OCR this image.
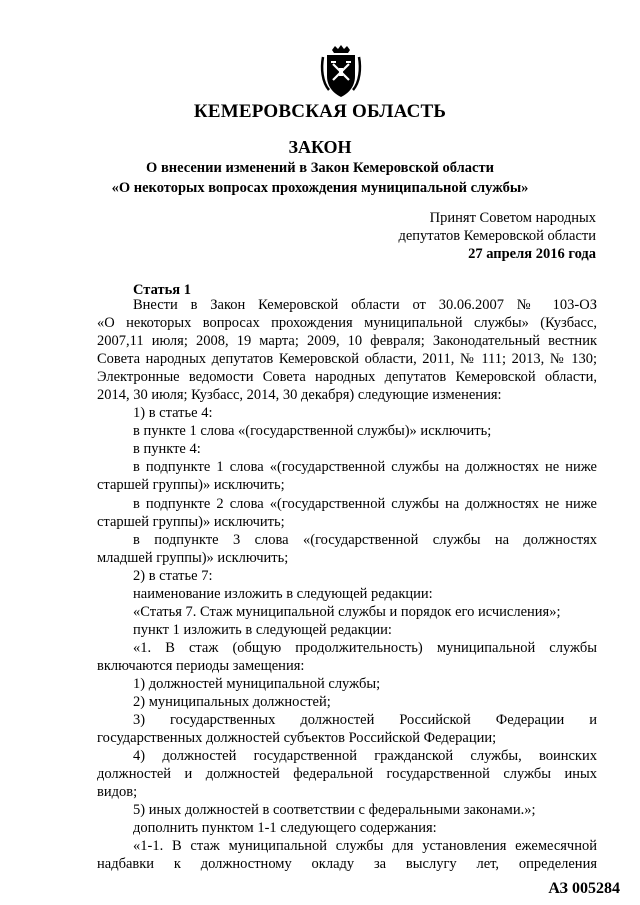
КЕМЕРОВСКАЯ ОБЛАСТЬ
ЗАКОН
О внесении изменений в Закон Кемеровской области
«О некоторых вопросах прохождения муниципальной службы»
Принят Советом народных
депутатов Кемеровской области
27 апреля 2016 года
Статья 1

Внести в Закон Кемеровской области от 30.06.2007 № 103-ОЗ

«О некоторых вопросах прохождения муниципальной службы» (Кузбасс,

2007,11 июля; 2008, 19 марта; 2009, 10 февраля; Законодательный вестник

Совета народных депутатов Кемеровской области, 2011, № 111; 2013, № 130;

Электронные ведомости Совета народных депутатов Кемеровской области,

2014, 30 июля; Кузбасс, 2014, 30 декабря) следующие изменения:

1) в статье 4:

в пункте 1 слова «(государственной службы)» исключить;

в пункте 4:

в подпункте 1 слова «(государственной службы на должностях не ниже

старшей группы)» исключить;

в подпункте 2 слова «(государственной службы на должностях не ниже

старшей группы)» исключить;

в подпункте 3 слова «(государственной службы на должностях

младшей группы)» исключить;

2) в статье 7:

наименование изложить в следующей редакции:

«Статья 7. Стаж муниципальной службы и порядок его исчисления»;

пункт 1 изложить в следующей редакции:

«1. В стаж (общую продолжительность) муниципальной службы

включаются периоды замещения:

1) должностей муниципальной службы;

2) муниципальных должностей;

3) государственных должностей Российской Федерации и

государственных должностей субъектов Российской Федерации;

4) должностей государственной гражданской службы, воинских

должностей и должностей федеральной государственной службы иных

видов;

5) иных должностей в соответствии с федеральными законами.»;

дополнить пунктом 1-1 следующего содержания:

«1-1. В стаж муниципальной службы для установления ежемесячной

надбавки к должностному окладу за выслугу лет, определения

АЗ 005284
